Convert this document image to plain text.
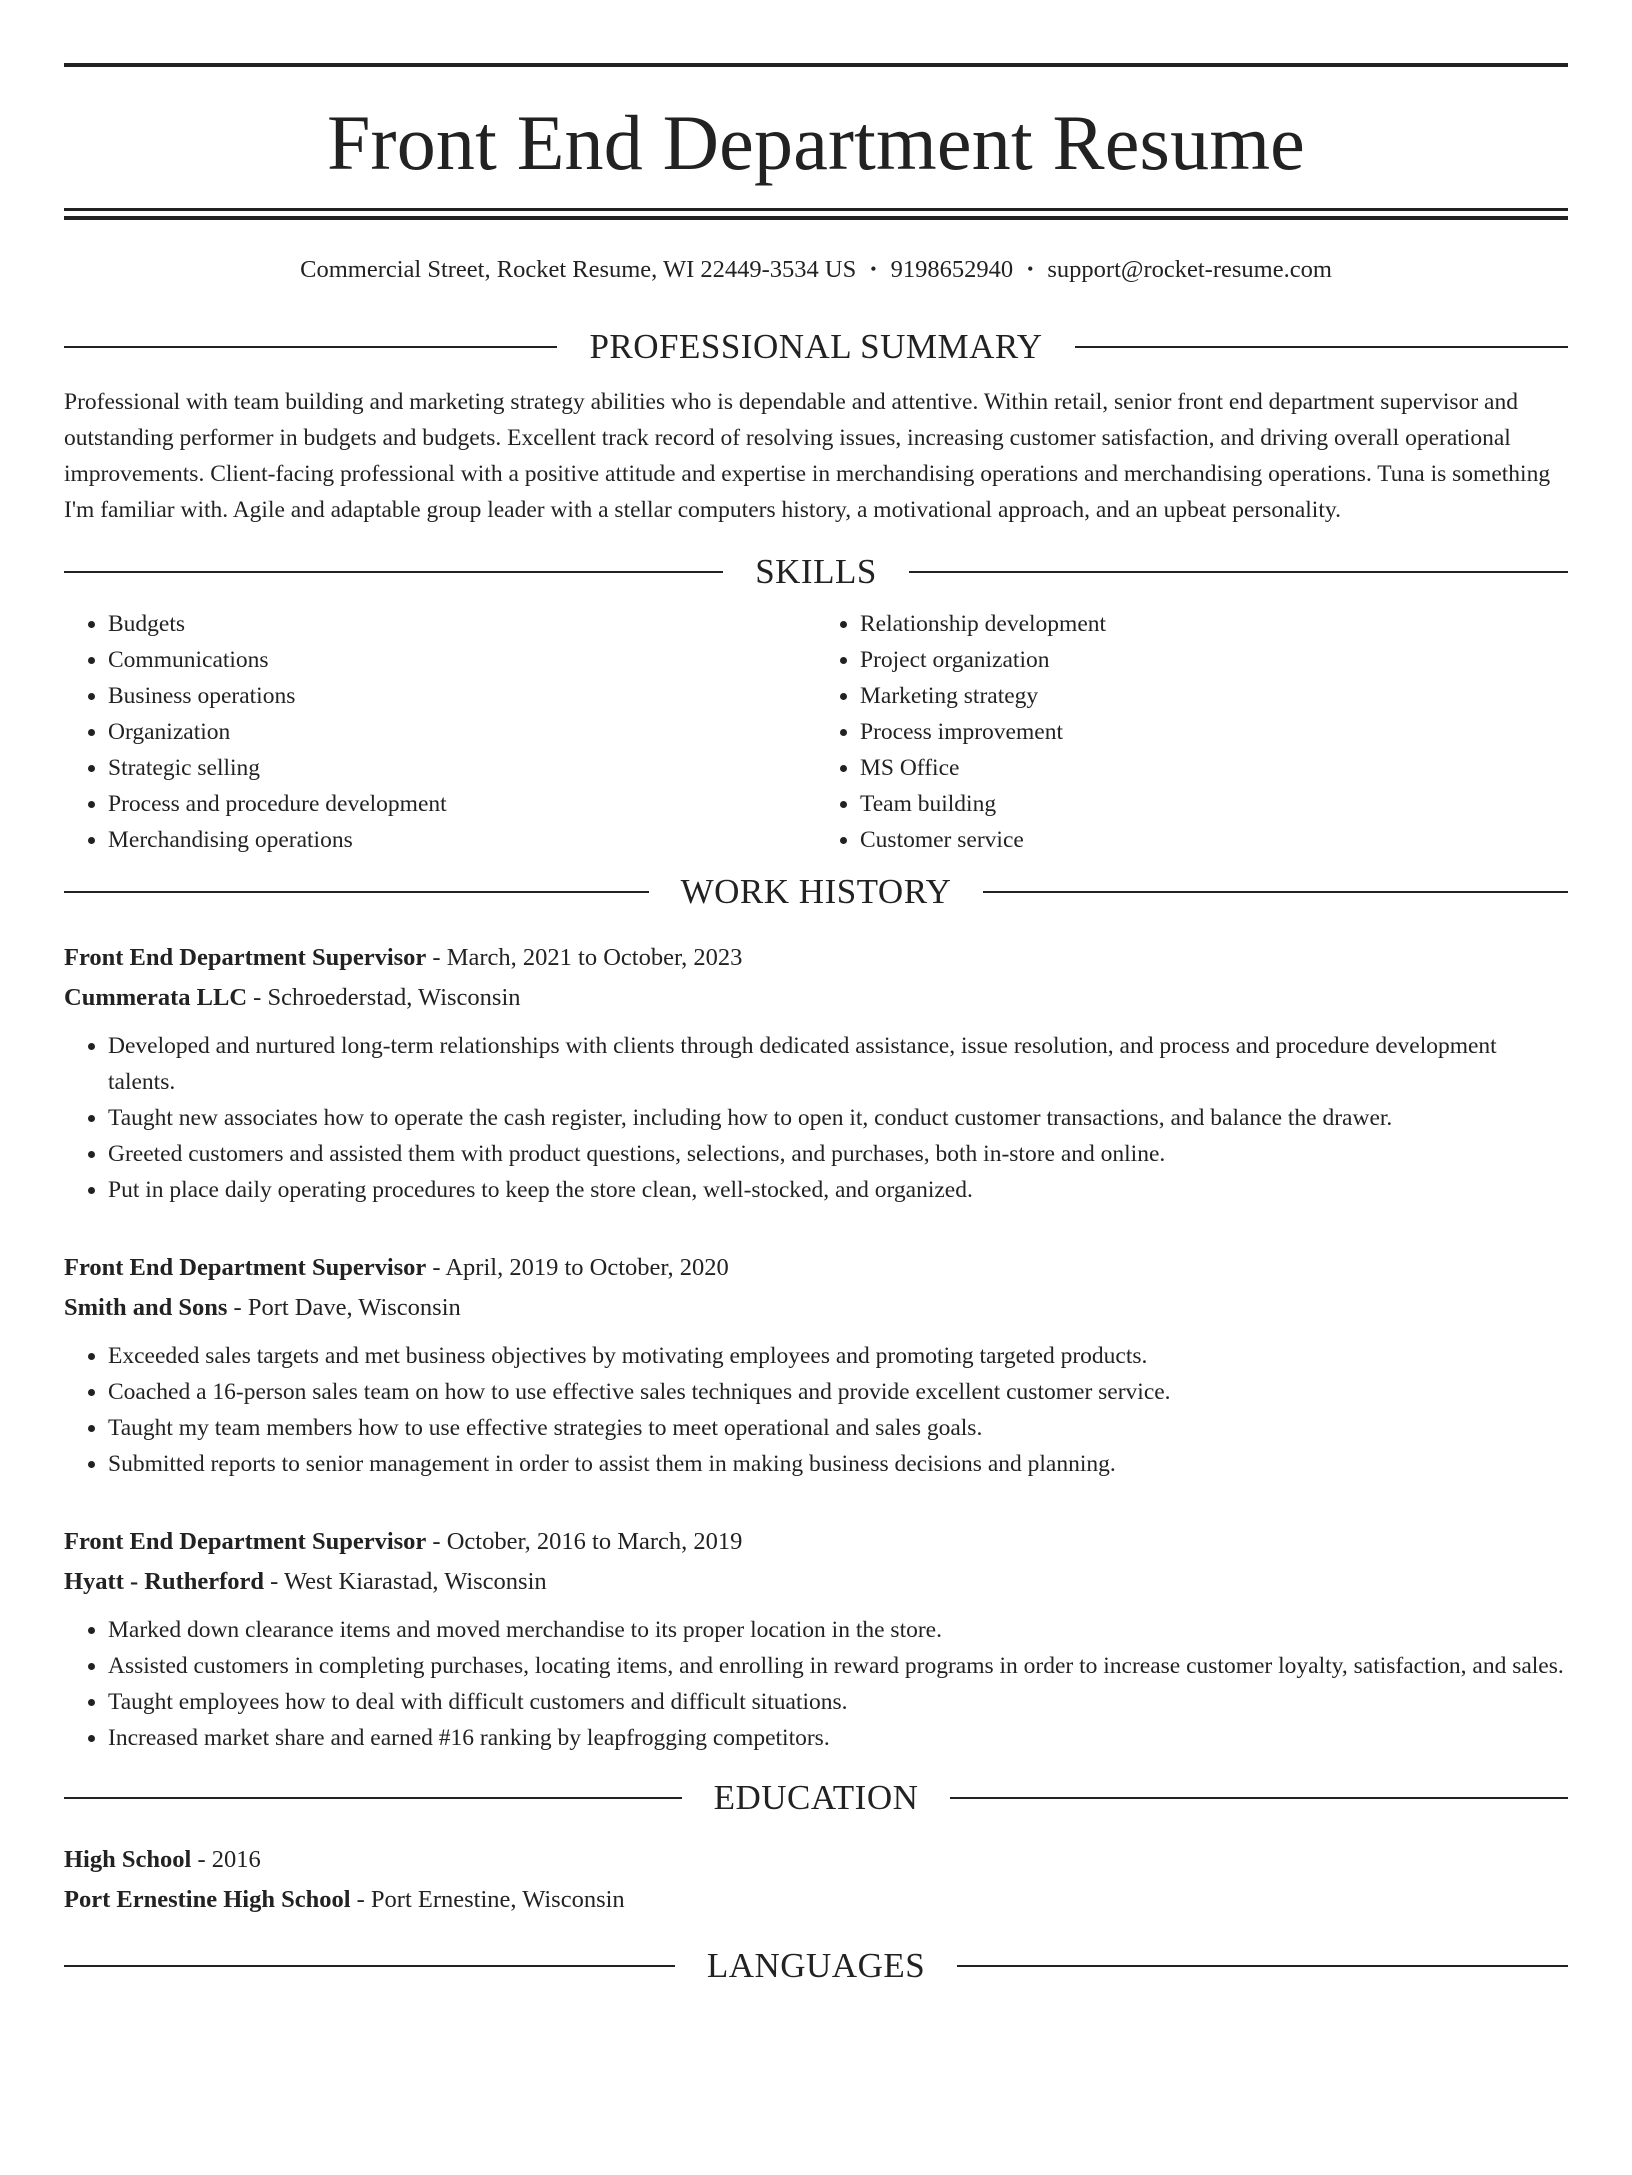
Front End Department Resume
Commercial Street, Rocket Resume, WI 22449-3534 US • 9198652940 • support@rocket-resume.com
PROFESSIONAL SUMMARY
Professional with team building and marketing strategy abilities who is dependable and attentive. Within retail, senior front end department supervisor and outstanding performer in budgets and budgets. Excellent track record of resolving issues, increasing customer satisfaction, and driving overall operational improvements. Client-facing professional with a positive attitude and expertise in merchandising operations and merchandising operations. Tuna is something I'm familiar with. Agile and adaptable group leader with a stellar computers history, a motivational approach, and an upbeat personality.
SKILLS
• Budgets
• Communications
• Business operations
• Organization
• Strategic selling
• Process and procedure development
• Merchandising operations
• Relationship development
• Project organization
• Marketing strategy
• Process improvement
• MS Office
• Team building
• Customer service
WORK HISTORY
Front End Department Supervisor - March, 2021 to October, 2023
Cummerata LLC - Schroederstad, Wisconsin
• Developed and nurtured long-term relationships with clients through dedicated assistance, issue resolution, and process and procedure development talents.
• Taught new associates how to operate the cash register, including how to open it, conduct customer transactions, and balance the drawer.
• Greeted customers and assisted them with product questions, selections, and purchases, both in-store and online.
• Put in place daily operating procedures to keep the store clean, well-stocked, and organized.
Front End Department Supervisor - April, 2019 to October, 2020
Smith and Sons - Port Dave, Wisconsin
• Exceeded sales targets and met business objectives by motivating employees and promoting targeted products.
• Coached a 16-person sales team on how to use effective sales techniques and provide excellent customer service.
• Taught my team members how to use effective strategies to meet operational and sales goals.
• Submitted reports to senior management in order to assist them in making business decisions and planning.
Front End Department Supervisor - October, 2016 to March, 2019
Hyatt - Rutherford - West Kiarastad, Wisconsin
• Marked down clearance items and moved merchandise to its proper location in the store.
• Assisted customers in completing purchases, locating items, and enrolling in reward programs in order to increase customer loyalty, satisfaction, and sales.
• Taught employees how to deal with difficult customers and difficult situations.
• Increased market share and earned #16 ranking by leapfrogging competitors.
EDUCATION
High School - 2016
Port Ernestine High School - Port Ernestine, Wisconsin
LANGUAGES
